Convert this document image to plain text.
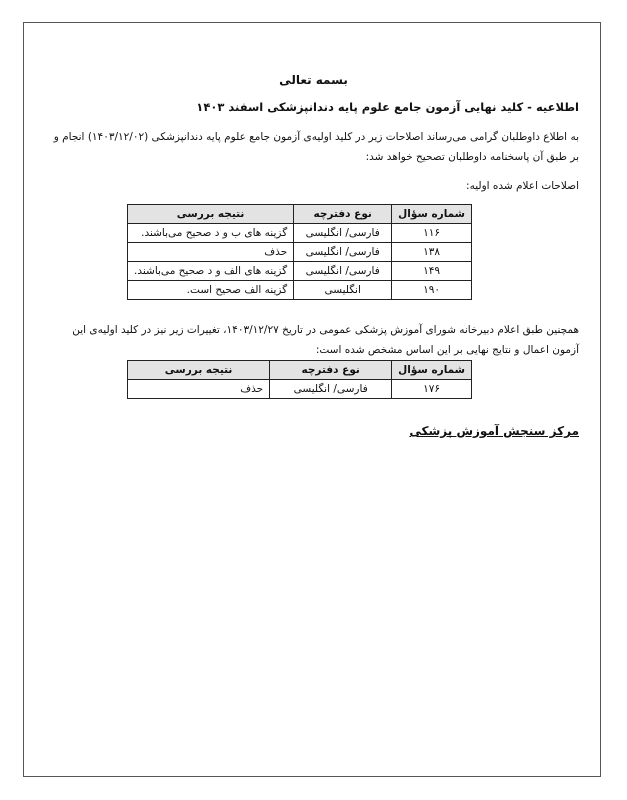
بسمه تعالی
اطلاعیه - کلید نهایی آزمون جامع علوم پایه دندانپزشکی اسفند ۱۴۰۳
به اطلاع داوطلبان گرامی می‌رساند اصلاحات زیر در کلید اولیه‌ی آزمون جامع علوم پایه دندانپزشکی (۱۴۰۳/۱۲/۰۲) انجام و بر طبق آن پاسخنامه داوطلبان تصحیح خواهد شد:
اصلاحات اعلام شده اولیه:
شماره سؤال	نوع دفترچه	نتیجه بررسی
۱۱۶	فارسی/ انگلیسی	گزینه های ب و د صحیح می‌باشند.
۱۳۸	فارسی/ انگلیسی	حذف
۱۴۹	فارسی/ انگلیسی	گزینه های الف و د صحیح می‌باشند.
۱۹۰	انگلیسی	گزینه الف صحیح است.
همچنین طبق اعلام دبیرخانه شورای آموزش پزشکی عمومی در تاریخ ۱۴۰۳/۱۲/۲۷، تغییرات زیر نیز در کلید اولیه‌ی این آزمون اعمال و نتایج نهایی بر این اساس مشخص شده است:
شماره سؤال	نوع دفترچه	نتیجه بررسی
۱۷۶	فارسی/ انگلیسی	حذف
مرکز سنجش آموزش پزشکی
